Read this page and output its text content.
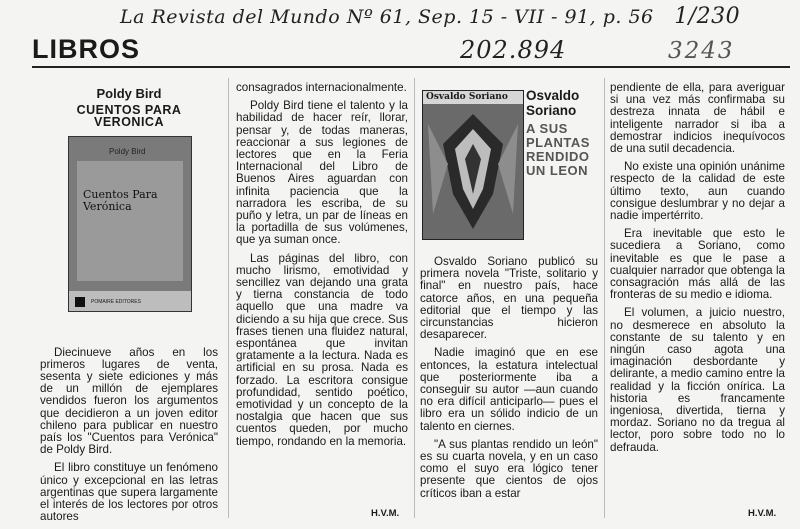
La Revista del Mundo Nº 61, Sep. 15 - VII - 91, p. 56 1/230
202.894	3243
LIBROS
Poldy Bird
CUENTOS PARA VERONICA

Diecinueve años en los primeros lugares de venta, sesenta y siete ediciones y más de un millón de ejemplares vendidos fueron los argumentos que decidieron a un joven editor chileno para publicar en nuestro país los "Cuentos para Verónica" de Poldy Bird.

El libro constituye un fenómeno único y excepcional en las letras argentinas que supera largamente el interés de los lectores por otros autores

Poldy Bird
Cuentos Para Verónica
POMAIRE EDITORES

consagrados internacionalmente.

Poldy Bird tiene el talento y la habilidad de hacer reír, llorar, pensar y, de todas maneras, reaccionar a sus legiones de lectores que en la Feria Internacional del Libro de Buenos Aires aguardan con infinita paciencia que la narradora les escriba, de su puño y letra, un par de líneas en la portadilla de sus volúmenes, que ya suman once.

Las páginas del libro, con mucho lirismo, emotividad y sencillez van dejando una grata y tierna constancia de todo aquello que una madre va diciendo a su hija que crece. Sus frases tienen una fluidez natural, espontánea que invitan gratamente a la lectura. Nada es artificial en su prosa. Nada es forzado. La escritora consigue profundidad, sentido poético, emotividad y un concepto de la nostalgia que hacen que sus cuentos queden, por mucho tiempo, rondando en la memoria.

H.V.M.
Osvaldo Soriano	Osvaldo Soriano
A SUS PLANTAS RENDIDO UN LEON

Osvaldo Soriano publicó su primera novela "Triste, solitario y final" en nuestro país, hace catorce años, en una pequeña editorial que el tiempo y las circunstancias hicieron desaparecer.

Nadie imaginó que en ese entonces, la estatura intelectual que posteriormente iba a conseguir su autor —aun cuando no era difícil anticiparlo— pues el libro era un sólido indicio de un talento en ciernes.

"A sus plantas rendido un león" es su cuarta novela, y en un caso como el suyo era lógico tener presente que cientos de ojos críticos iban a estar

pendiente de ella, para averiguar si una vez más confirmaba su destreza innata de hábil e inteligente narrador si iba a demostrar indicios inequívocos de una sutil decadencia.

No existe una opinión unánime respecto de la calidad de este último texto, aun cuando consigue deslumbrar y no dejar a nadie impertérrito.

Era inevitable que esto le sucediera a Soriano, como inevitable es que le pase a cualquier narrador que obtenga la consagración más allá de las fronteras de su medio e idioma.

El volumen, a juicio nuestro, no desmerece en absoluto la constante de su talento y en ningún caso agota una imaginación desbordante y delirante, a medio camino entre la realidad y la ficción onírica. La historia es francamente ingeniosa, divertida, tierna y mordaz. Soriano no da tregua al lector, poro sobre todo no lo defrauda.

H.V.M.
